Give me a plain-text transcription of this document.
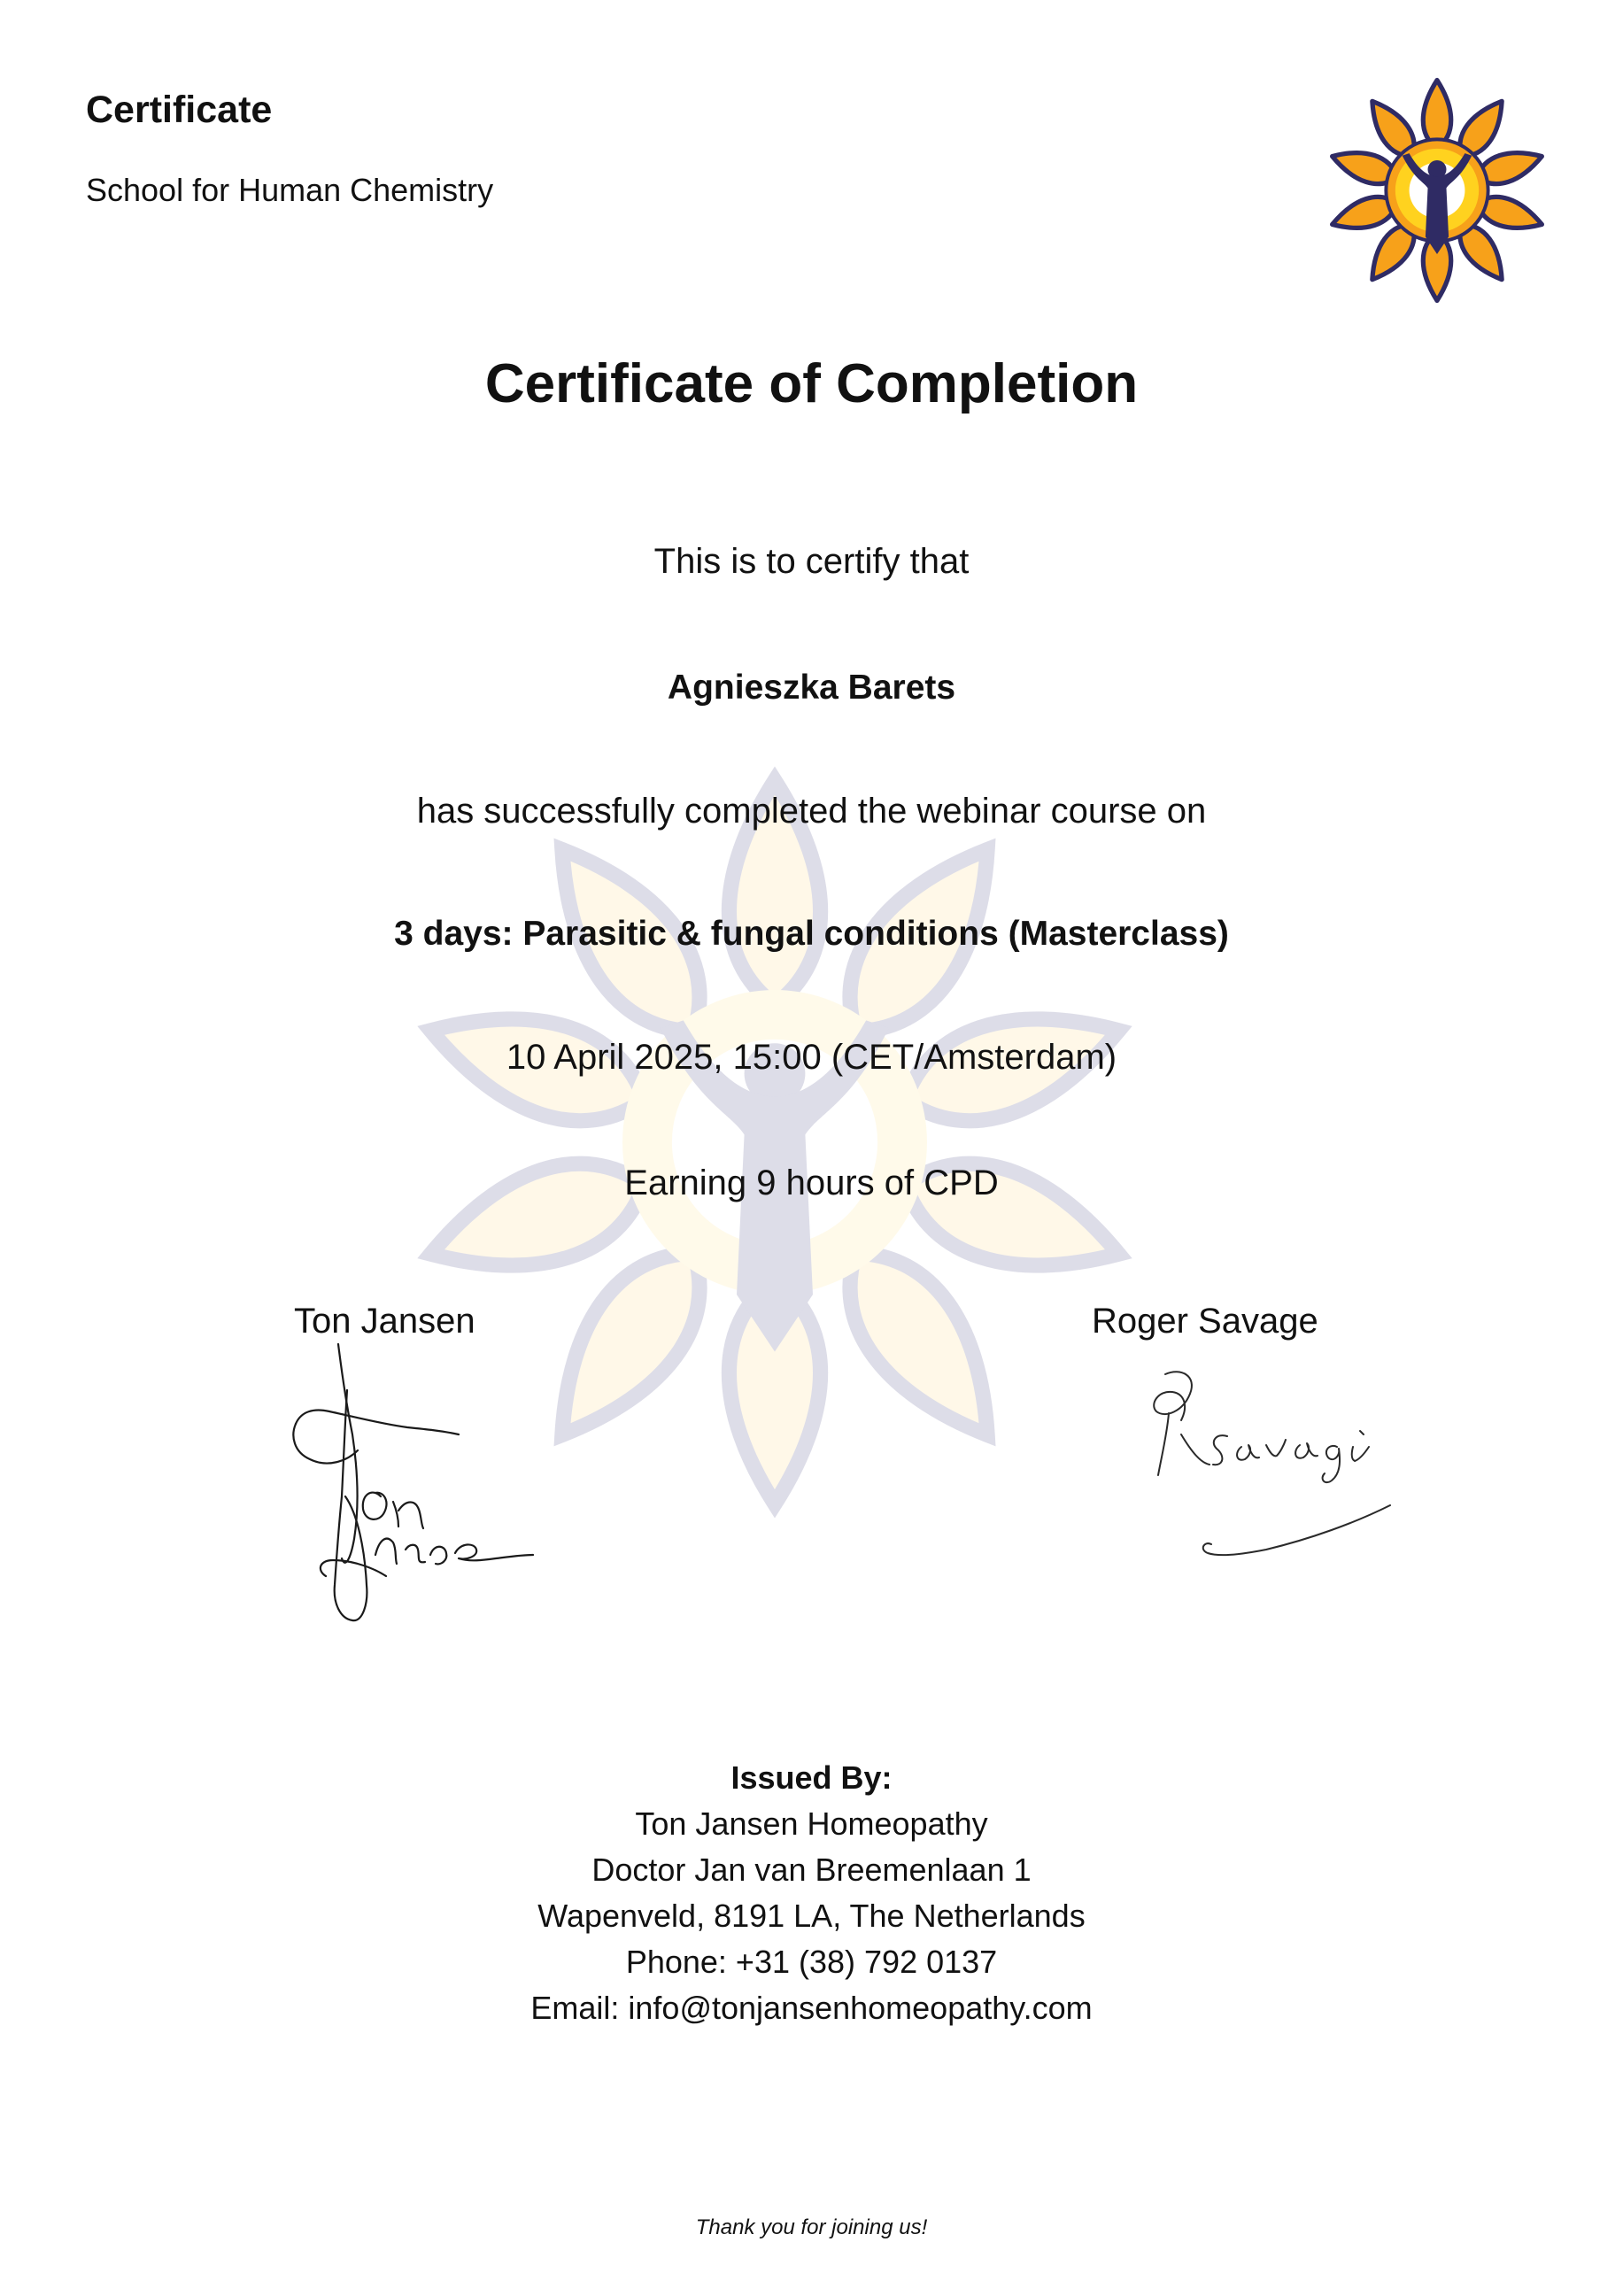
Certificate
School for Human Chemistry
Certificate of Completion
This is to certify that
Agnieszka Barets
has successfully completed the webinar course on
3 days: Parasitic & fungal conditions (Masterclass)
10 April 2025, 15:00 (CET/Amsterdam)
Earning 9 hours of CPD
Ton Jansen	Roger Savage
Issued By:
Ton Jansen Homeopathy
Doctor Jan van Breemenlaan 1
Wapenveld, 8191 LA, The Netherlands
Phone: +31 (38) 792 0137
Email: info@tonjansenhomeopathy.com
Thank you for joining us!
